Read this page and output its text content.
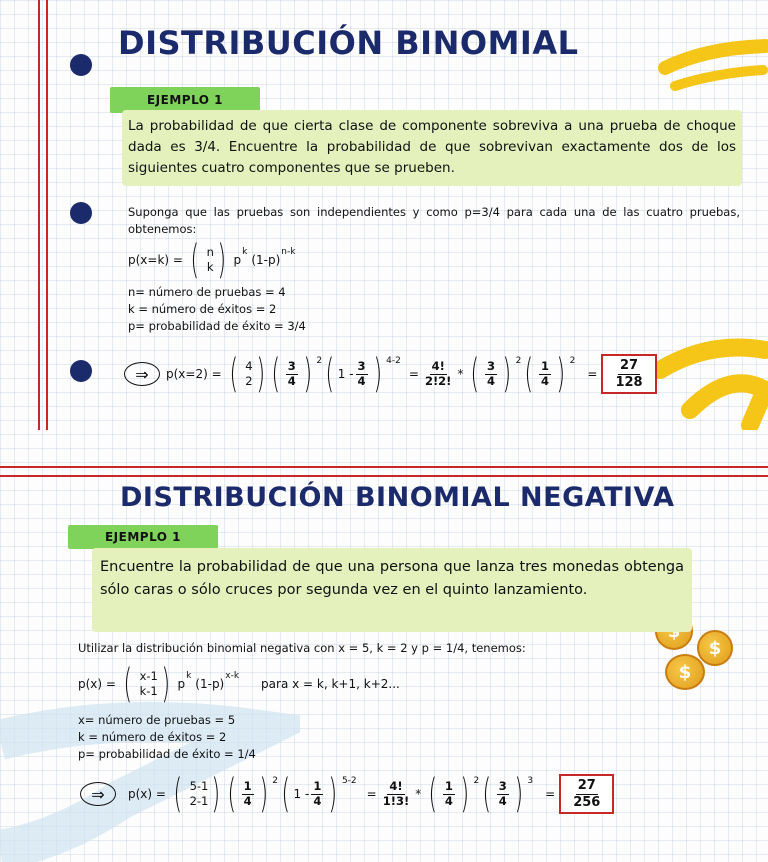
$
$
DISTRIBUCIÓN BINOMIAL
EJEMPLO 1
La probabilidad de que cierta clase de componente sobreviva a una prueba de choque dada es 3/4. Encuentre la probabilidad de que sobrevivan exactamente dos de los siguientes cuatro componentes que se prueben.
Suponga que las pruebas son independientes y como p=3/4 para cada una de las cuatro pruebas, obtenemos:
p(x=k) = ( n
k ) p
k
(1-p)
n-k
n= número de pruebas = 4
k = número de éxitos = 2
p= probabilidad de éxito = 3/4
⇒	p(x=2) = ( 4
2 ) ( $\frac{3}{4}$ ) 2 ( $1 - \frac{3}{4}$ ) 4-2
= $\frac{4!}{2!2!}$ * ( $\frac{3}{4}$ ) 2 ( $\frac{1}{4}$ ) 2
= $\frac{27}{128}$
DISTRIBUCIÓN BINOMIAL NEGATIVA
EJEMPLO 1
Encuentre la probabilidad de que una persona que lanza tres monedas obtenga sólo caras o sólo cruces por segunda vez en el quinto lanzamiento.
Utilizar la distribución binomial negativa con x = 5, k = 2 y p = 1/4, tenemos:
p(x) = ( x-1
k-1 ) p
k
(1-p)
x-k
para x = k, k+1, k+2...
x= número de pruebas = 5
k = número de éxitos = 2
p= probabilidad de éxito = 1/4
⇒	p(x) = ( 5-1
2-1 ) ( $\frac{1}{4}$ ) 2 ( $1 - \frac{1}{4}$ ) 5-2
= $\frac{4!}{1!3!}$ * ( $\frac{1}{4}$ ) 2 ( $\frac{3}{4}$ ) 3
= $\frac{27}{256}$
